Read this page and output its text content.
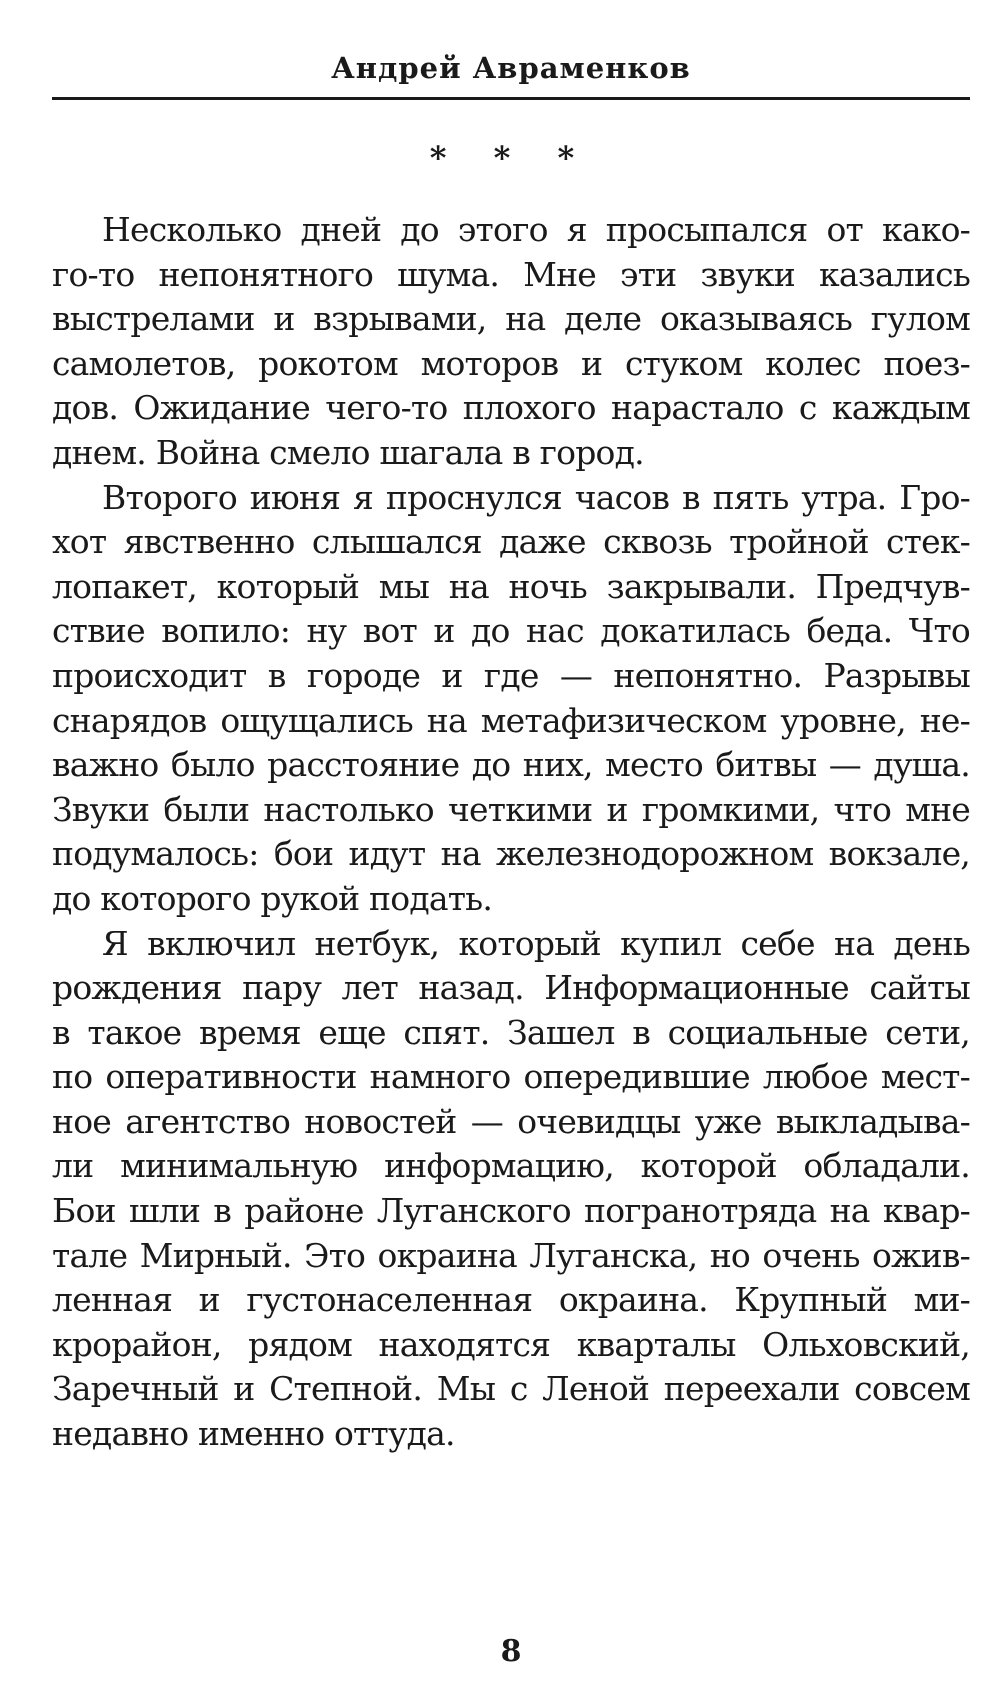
Андрей Авраменков
* * *
Несколько дней до этого я просыпался от како-
го-то непонятного шума. Мне эти звуки казались
выстрелами и взрывами, на деле оказываясь гулом
самолетов, рокотом моторов и стуком колес поез-
дов. Ожидание чего-то плохого нарастало с каждым
днем. Война смело шагала в город.
Второго июня я проснулся часов в пять утра. Гро-
хот явственно слышался даже сквозь тройной стек-
лопакет, который мы на ночь закрывали. Предчув-
ствие вопило: ну вот и до нас докатилась беда. Что
происходит в городе и где — непонятно. Разрывы
снарядов ощущались на метафизическом уровне, не-
важно было расстояние до них, место битвы — душа.
Звуки были настолько четкими и громкими, что мне
подумалось: бои идут на железнодорожном вокзале,
до которого рукой подать.
Я включил нетбук, который купил себе на день
рождения пару лет назад. Информационные сайты
в такое время еще спят. Зашел в социальные сети,
по оперативности намного опередившие любое мест-
ное агентство новостей — очевидцы уже выкладыва-
ли минимальную информацию, которой обладали.
Бои шли в районе Луганского погранотряда на квар-
тале Мирный. Это окраина Луганска, но очень ожив-
ленная и густонаселенная окраина. Крупный ми-
крорайон, рядом находятся кварталы Ольховский,
Заречный и Степной. Мы с Леной переехали совсем
недавно именно оттуда.
8
